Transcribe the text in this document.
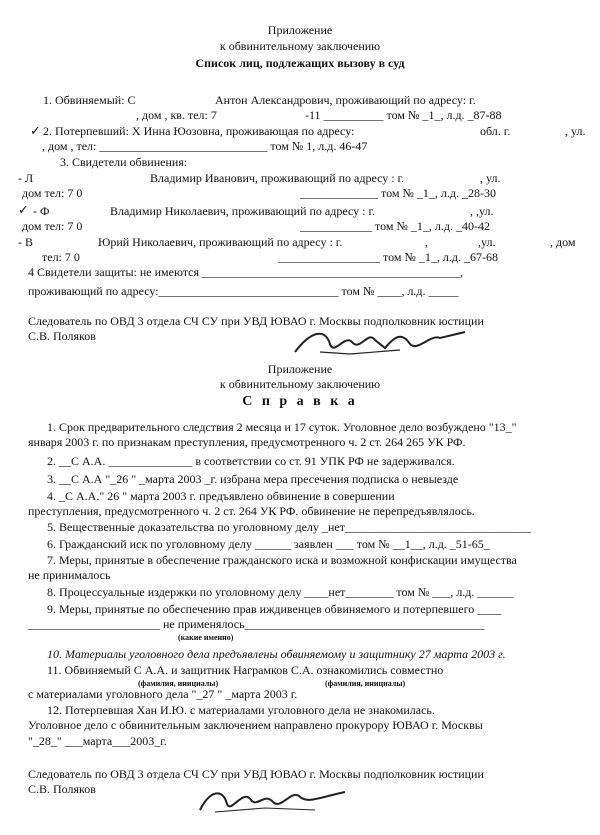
Приложение
к обвинительному заключению
Список лиц, подлежащих вызову в суд
1. Обвиняемый: С	Антон Александрович, проживающий по адресу: г.
, дом , кв. тел: 7	-11 __________ том № _1_, л.д. _87-88
✓ 2. Потерпевший: Х Инна Юозовна, проживающая по адресу:	обл. г.	, ул.
, дом , тел: ____________________________ том № 1, л.д. 46-47
3. Свидетели обвинения:
- Л	Владимир Иванович, проживающий по адресу : г.	, ул.
дом тел: 7 0	_____________ том № _1_, л.д. _28-30
✓ - Ф	Владимир Николаевич, проживающий по адресу : г.	, ,ул.
дом тел: 7 0	____________ том № _1_, л.д. _40-42
- В	Юрий Николаевич, проживающий по адресу : г.	,	,ул.	, дом
тел: 7 0	_________________ том № _1_, л.д. _67-68
4 Свидетели защиты: не имеются ___________________________________________,
проживающий по адресу:______________________________ том № ____, л.д. _____
Следователь по ОВД 3 отдела СЧ СУ при УВД ЮВАО г. Москвы подполковник юстиции
С.В. Поляков
Приложение
к обвинительному заключению
С п р а в к а
1. Срок предварительного следствия 2 месяца и 17 суток. Уголовное дело возбуждено "13_"
января 2003 г. по признакам преступления, предусмотренного ч. 2 ст. 264 265 УК РФ.
2. __С А.А. ______________ в соответствии со ст. 91 УПК РФ не задерживался.
3. __С А.А "_26 " _марта 2003 _г. избрана мера пресечения подписка о невыезде
4. _С А.А." 26 " марта 2003 г. предъявлено обвинение в совершении
преступления, предусмотренного ч. 2 ст. 264 УК РФ. обвинение не перепредъявлялось.
5. Вещественные доказательства по уголовному делу _нет_______________________________
6. Гражданский иск по уголовному делу ______ заявлен ___ том № __1__, л.д. _51-65_
7. Меры, принятые в обеспечение гражданского иска и возможной конфискации имущества
не принималось
8. Процессуальные издержки по уголовному делу ____нет________ том № ___, л.д. ______
9. Меры, принятые по обеспечению прав иждивенцев обвиняемого и потерпевшего ____
______________________ не применялось________________________________________
(какие именно)
10. Материалы уголовного дела предъявлены обвиняемому и защитнику 27 марта 2003 г.
11. Обвиняемый С А.А. и защитник Награмков С.А. ознакомились совместно
(фамилия, инициалы)	(фамилия, инициалы)
с материалами уголовного дела "_27 " _марта 2003 г.
12. Потерпевшая Хан И.Ю. с материалами уголовного дела не знакомилась.
Уголовное дело с обвинительным заключением направлено прокурору ЮВАО г. Москвы
"_28_" ___марта___2003_г.
Следователь по ОВД 3 отдела СЧ СУ при УВД ЮВАО г. Москвы подполковник юстиции
С.В. Поляков
